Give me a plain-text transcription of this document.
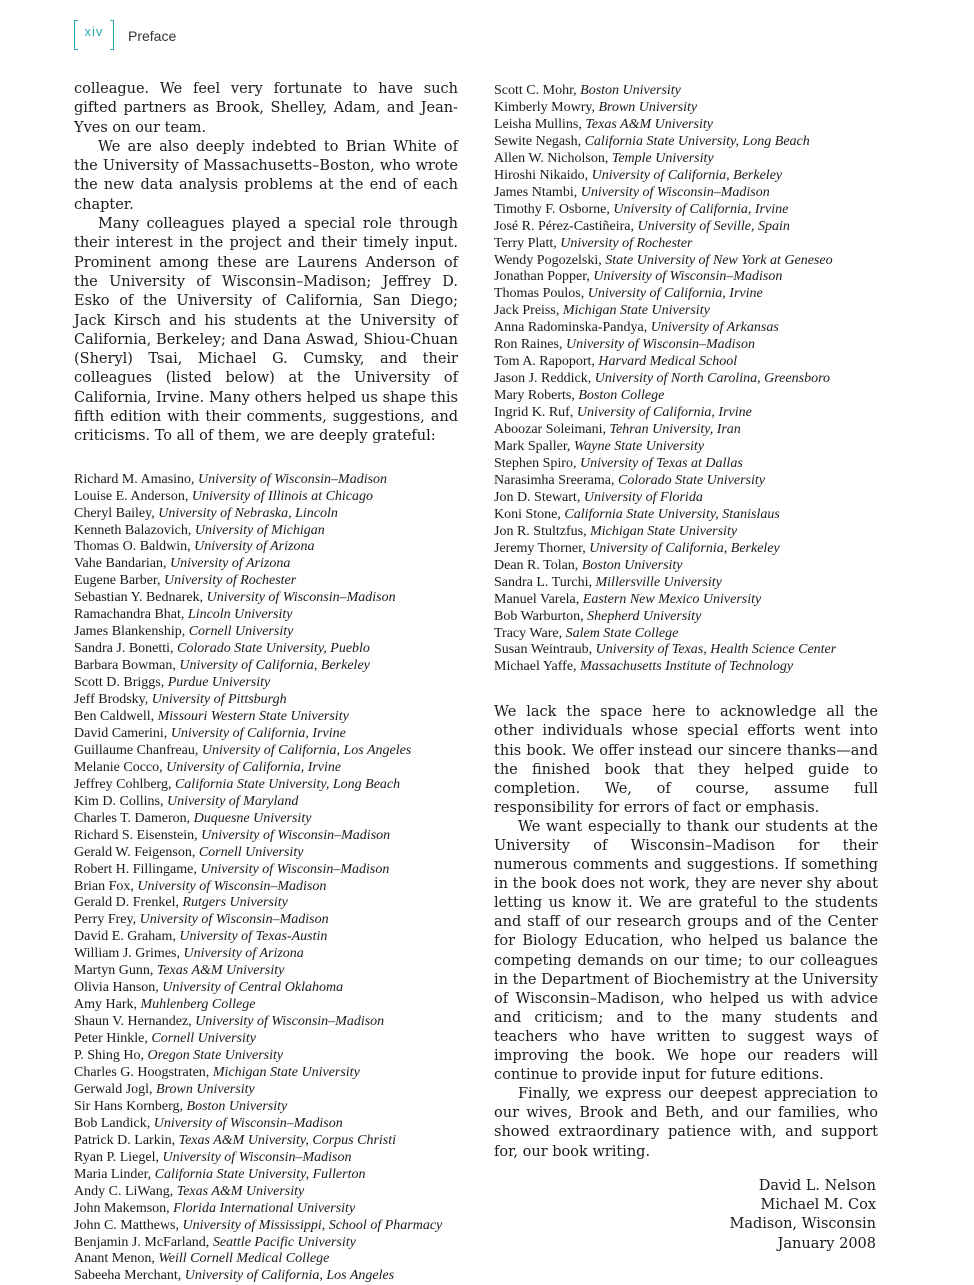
xiv	Preface

colleague. We feel very fortunate to have such gifted partners as Brook, Shelley, Adam, and Jean-Yves on our team.

We are also deeply indebted to Brian White of the University of Massachusetts–Boston, who wrote the new data analysis problems at the end of each chapter.

Many colleagues played a special role through their interest in the project and their timely input. Prominent among these are Laurens Anderson of the University of Wisconsin–Madison; Jeffrey D. Esko of the University of California, San Diego; Jack Kirsch and his students at the University of California, Berkeley; and Dana Aswad, Shiou-Chuan (Sheryl) Tsai, Michael G. Cumsky, and their colleagues (listed below) at the University of California, Irvine. Many others helped us shape this fifth edition with their comments, suggestions, and criticisms. To all of them, we are deeply grateful:

Richard M. Amasino, University of Wisconsin–Madison
Louise E. Anderson, University of Illinois at Chicago
Cheryl Bailey, University of Nebraska, Lincoln
Kenneth Balazovich, University of Michigan
Thomas O. Baldwin, University of Arizona
Vahe Bandarian, University of Arizona
Eugene Barber, University of Rochester
Sebastian Y. Bednarek, University of Wisconsin–Madison
Ramachandra Bhat, Lincoln University
James Blankenship, Cornell University
Sandra J. Bonetti, Colorado State University, Pueblo
Barbara Bowman, University of California, Berkeley
Scott D. Briggs, Purdue University
Jeff Brodsky, University of Pittsburgh
Ben Caldwell, Missouri Western State University
David Camerini, University of California, Irvine
Guillaume Chanfreau, University of California, Los Angeles
Melanie Cocco, University of California, Irvine
Jeffrey Cohlberg, California State University, Long Beach
Kim D. Collins, University of Maryland
Charles T. Dameron, Duquesne University
Richard S. Eisenstein, University of Wisconsin–Madison
Gerald W. Feigenson, Cornell University
Robert H. Fillingame, University of Wisconsin–Madison
Brian Fox, University of Wisconsin–Madison
Gerald D. Frenkel, Rutgers University
Perry Frey, University of Wisconsin–Madison
David E. Graham, University of Texas-Austin
William J. Grimes, University of Arizona
Martyn Gunn, Texas A&M University
Olivia Hanson, University of Central Oklahoma
Amy Hark, Muhlenberg College
Shaun V. Hernandez, University of Wisconsin–Madison
Peter Hinkle, Cornell University
P. Shing Ho, Oregon State University
Charles G. Hoogstraten, Michigan State University
Gerwald Jogl, Brown University
Sir Hans Kornberg, Boston University
Bob Landick, University of Wisconsin–Madison
Patrick D. Larkin, Texas A&M University, Corpus Christi
Ryan P. Liegel, University of Wisconsin–Madison
Maria Linder, California State University, Fullerton
Andy C. LiWang, Texas A&M University
John Makemson, Florida International University
John C. Matthews, University of Mississippi, School of Pharmacy
Benjamin J. McFarland, Seattle Pacific University
Anant Menon, Weill Cornell Medical College
Sabeeha Merchant, University of California, Los Angeles
Scott C. Mohr, Boston University
Kimberly Mowry, Brown University
Leisha Mullins, Texas A&M University
Sewite Negash, California State University, Long Beach
Allen W. Nicholson, Temple University
Hiroshi Nikaido, University of California, Berkeley
James Ntambi, University of Wisconsin–Madison
Timothy F. Osborne, University of California, Irvine
José R. Pérez-Castiñeira, University of Seville, Spain
Terry Platt, University of Rochester
Wendy Pogozelski, State University of New York at Geneseo
Jonathan Popper, University of Wisconsin–Madison
Thomas Poulos, University of California, Irvine
Jack Preiss, Michigan State University
Anna Radominska-Pandya, University of Arkansas
Ron Raines, University of Wisconsin–Madison
Tom A. Rapoport, Harvard Medical School
Jason J. Reddick, University of North Carolina, Greensboro
Mary Roberts, Boston College
Ingrid K. Ruf, University of California, Irvine
Aboozar Soleimani, Tehran University, Iran
Mark Spaller, Wayne State University
Stephen Spiro, University of Texas at Dallas
Narasimha Sreerama, Colorado State University
Jon D. Stewart, University of Florida
Koni Stone, California State University, Stanislaus
Jon R. Stultzfus, Michigan State University
Jeremy Thorner, University of California, Berkeley
Dean R. Tolan, Boston University
Sandra L. Turchi, Millersville University
Manuel Varela, Eastern New Mexico University
Bob Warburton, Shepherd University
Tracy Ware, Salem State College
Susan Weintraub, University of Texas, Health Science Center
Michael Yaffe, Massachusetts Institute of Technology

We lack the space here to acknowledge all the other individuals whose special efforts went into this book. We offer instead our sincere thanks—and the finished book that they helped guide to completion. We, of course, assume full responsibility for errors of fact or emphasis.

We want especially to thank our students at the University of Wisconsin–Madison for their numerous comments and suggestions. If something in the book does not work, they are never shy about letting us know it. We are grateful to the students and staff of our research groups and of the Center for Biology Education, who helped us balance the competing demands on our time; to our colleagues in the Department of Biochemistry at the University of Wisconsin–Madison, who helped us with advice and criticism; and to the many students and teachers who have written to suggest ways of improving the book. We hope our readers will continue to provide input for future editions.

Finally, we express our deepest appreciation to our wives, Brook and Beth, and our families, who showed extraordinary patience with, and support for, our book writing.

David L. Nelson
Michael M. Cox
Madison, Wisconsin
January 2008
